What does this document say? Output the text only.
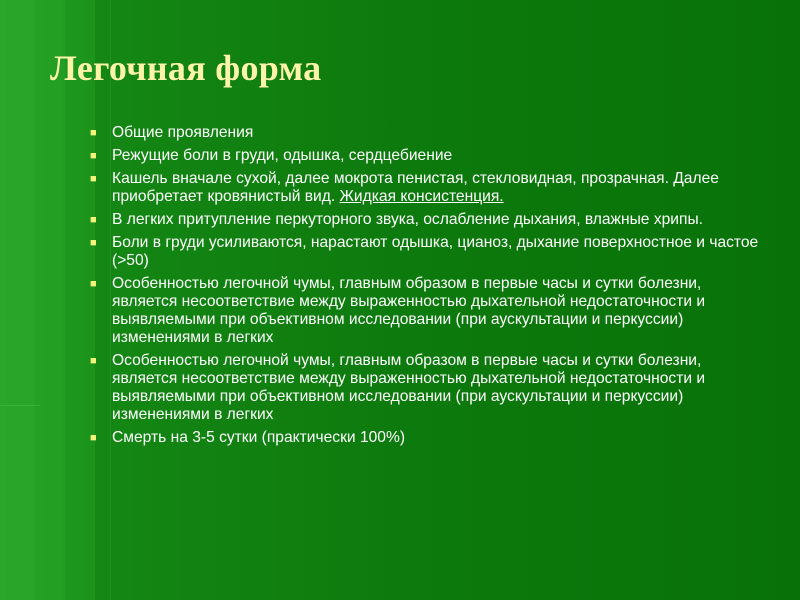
Легочная форма
■ Общие проявления
■ Режущие боли в груди, одышка, сердцебиение
■ Кашель вначале сухой, далее мокрота пенистая, стекловидная, прозрачная. Далее приобретает кровянистый вид. Жидкая консистенция.
■ В легких притупление перкуторного звука, ослабление дыхания, влажные хрипы.
■ Боли в груди усиливаются, нарастают одышка, цианоз, дыхание поверхностное и частое (>50)
■ Особенностью легочной чумы, главным образом в первые часы и сутки болезни, является несоответствие между выраженностью дыхательной недостаточности и выявляемыми при объективном исследовании (при аускультации и перкуссии) изменениями в легких
■ Особенностью легочной чумы, главным образом в первые часы и сутки болезни, является несоответствие между выраженностью дыхательной недостаточности и выявляемыми при объективном исследовании (при аускультации и перкуссии) изменениями в легких
■ Смерть на 3-5 сутки (практически 100%)
